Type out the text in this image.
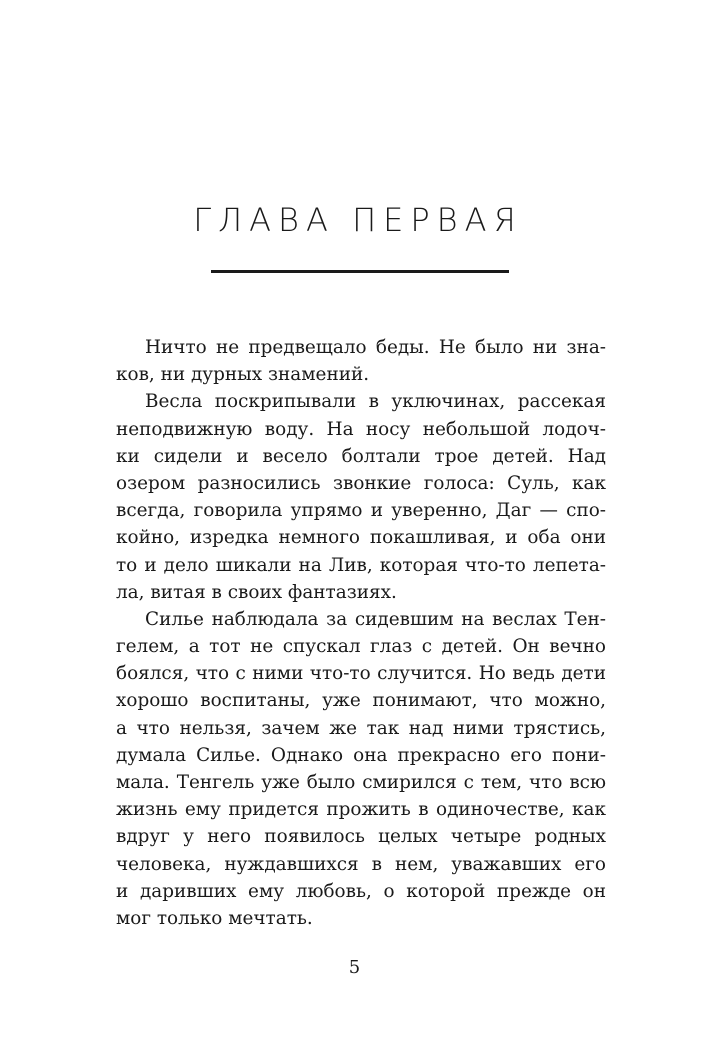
ГЛАВА ПЕРВАЯ
Ничто не предвещало беды. Не было ни зна-
ков, ни дурных знамений.
Весла поскрипывали в уключинах, рассекая
неподвижную воду. На носу небольшой лодоч-
ки сидели и весело болтали трое детей. Над
озером разносились звонкие голоса: Суль, как
всегда, говорила упрямо и уверенно, Даг — спо-
койно, изредка немного покашливая, и оба они
то и дело шикали на Лив, которая что-то лепета-
ла, витая в своих фантазиях.
Силье наблюдала за сидевшим на веслах Тен-
гелем, а тот не спускал глаз с детей. Он вечно
боялся, что с ними что-то случится. Но ведь дети
хорошо воспитаны, уже понимают, что можно,
а что нельзя, зачем же так над ними трястись,
думала Силье. Однако она прекрасно его пони-
мала. Тенгель уже было смирился с тем, что всю
жизнь ему придется прожить в одиночестве, как
вдруг у него появилось целых четыре родных
человека, нуждавшихся в нем, уважавших его
и даривших ему любовь, о которой прежде он
мог только мечтать.
5
